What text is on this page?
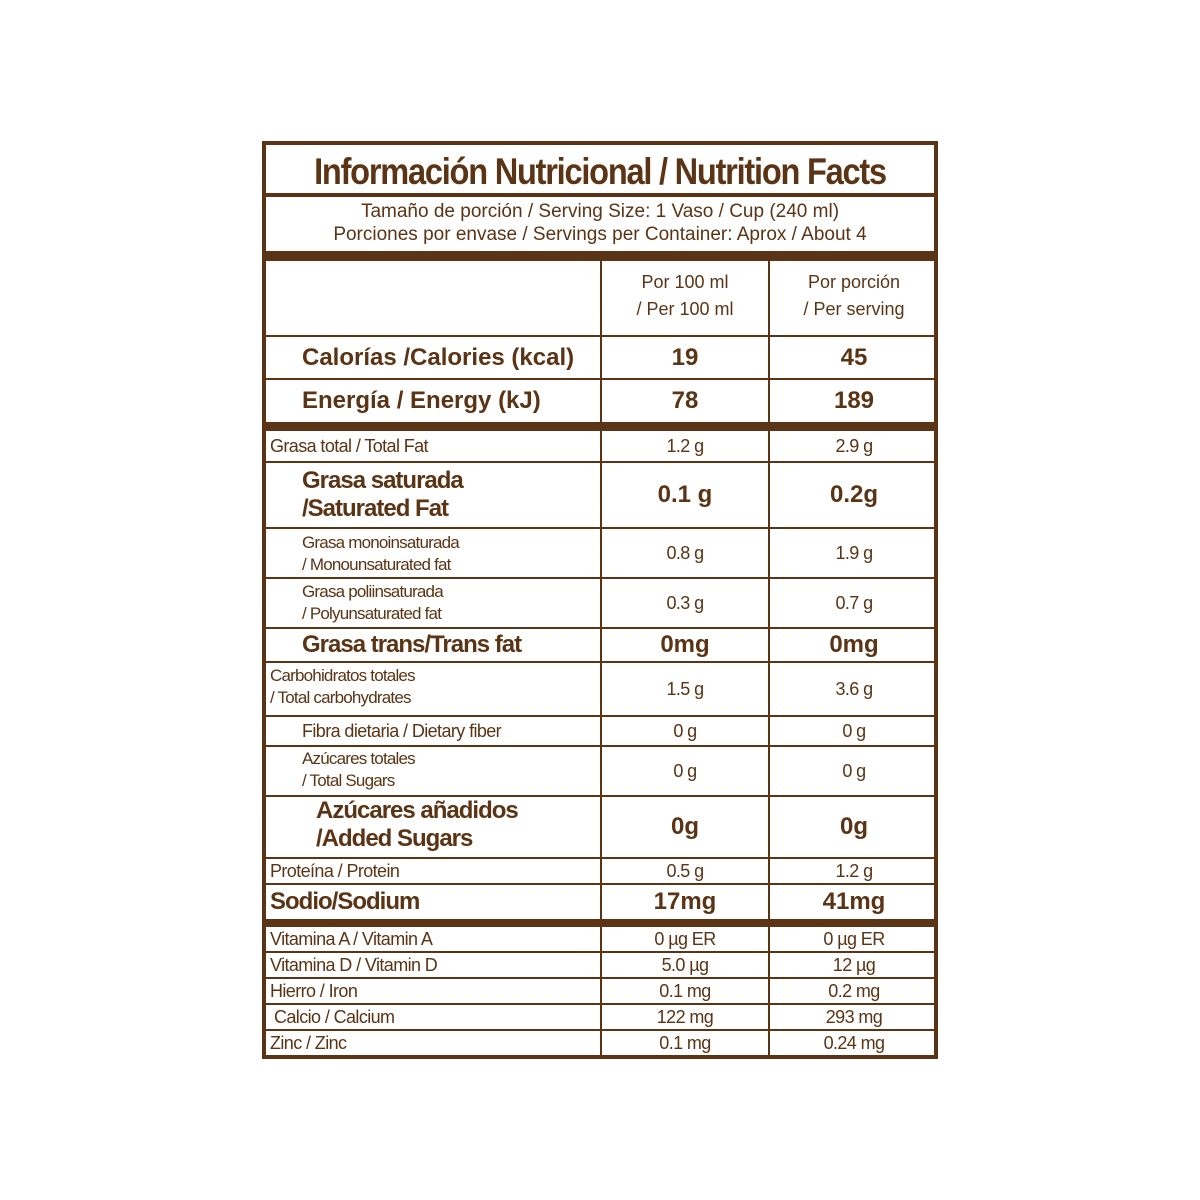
Información Nutricional / Nutrition Facts
Tamaño de porción / Serving Size: 1 Vaso / Cup (240 ml)
Porciones por envase / Servings per Container: Aprox / About 4
Por 100 ml
/ Per 100 ml
Por porción
/ Per serving
Calorías /Calories (kcal)	19	45
Energía / Energy (kJ)	78	189
Grasa total / Total Fat	1.2 g	2.9 g
Grasa saturada
/Saturated Fat
0.1 g	0.2g
Grasa monoinsaturada
/ Monounsaturated fat
0.8 g	1.9 g
Grasa poliinsaturada
/ Polyunsaturated fat
0.3 g	0.7 g
Grasa trans/Trans fat	0mg	0mg
Carbohidratos totales
/ Total carbohydrates	1.5 g	3.6 g
Fibra dietaria / Dietary fiber	0 g	0 g
Azúcares totales
/ Total Sugars	0 g	0 g
Azúcares añadidos
/Added Sugars	0g	0g
Proteína / Protein	0.5 g	1.2 g
Sodio/Sodium	17mg	41mg
Vitamina A / Vitamin A	0 µg ER	0 µg ER
Vitamina D / Vitamin D	5.0 µg	12 µg
Hierro / Iron	0.1 mg	0.2 mg
Calcio / Calcium	122 mg	293 mg
Zinc / Zinc	0.1 mg	0.24 mg
